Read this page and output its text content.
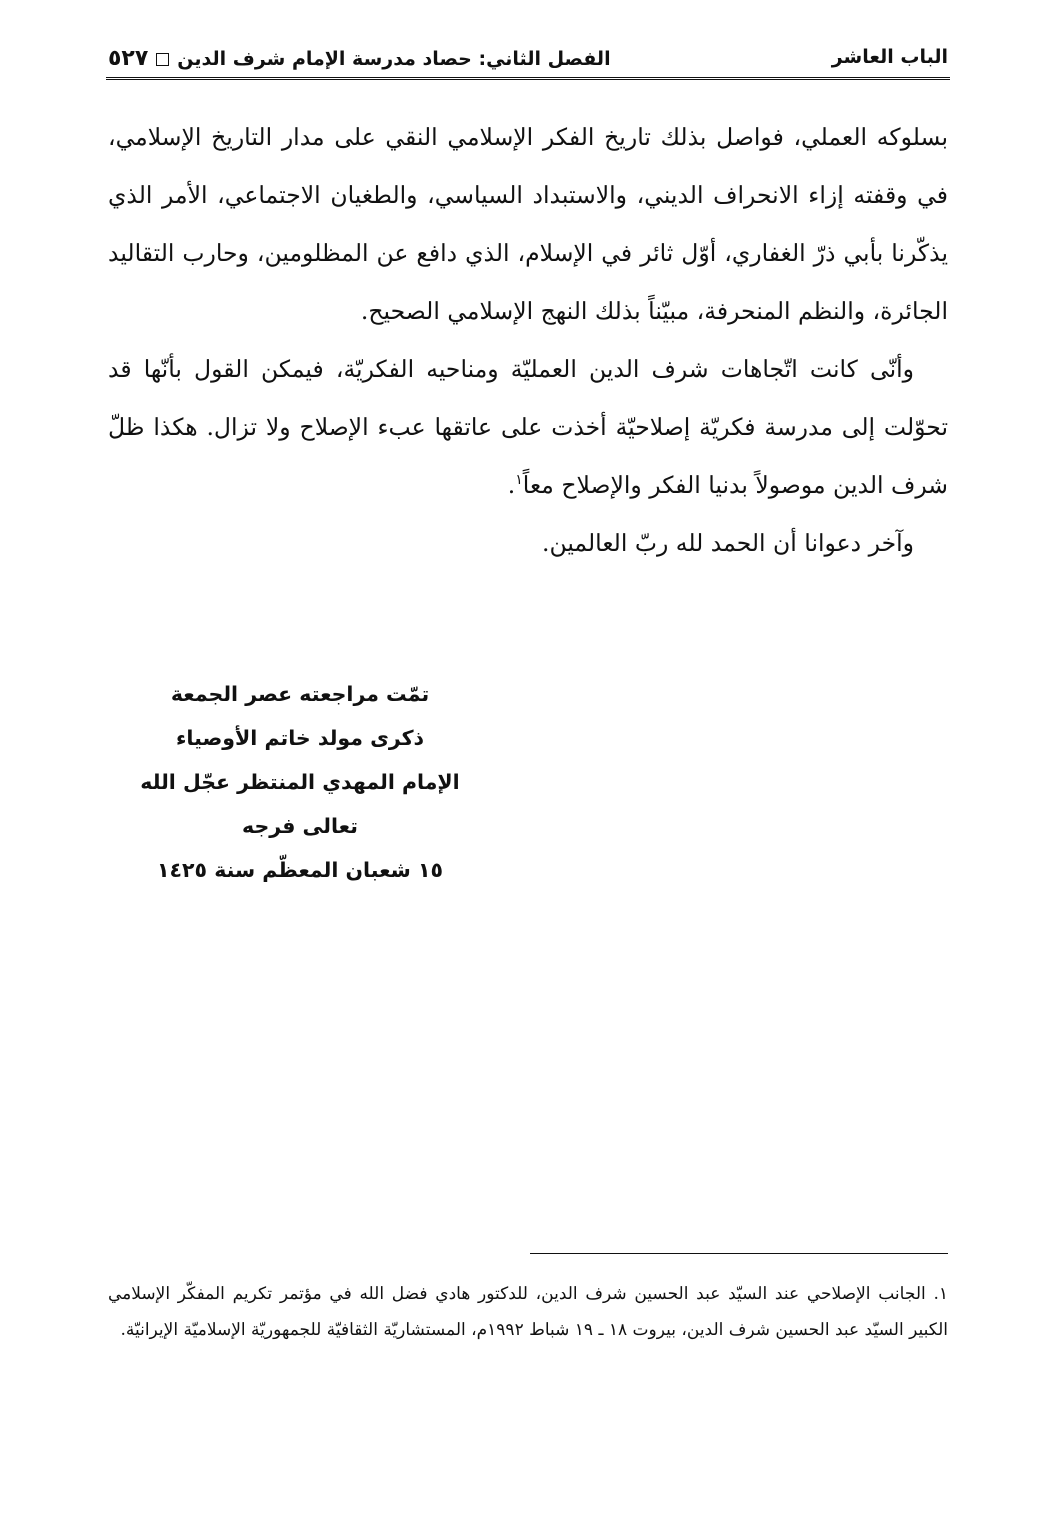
الباب العاشر
الفصل الثاني: حصاد مدرسة الإمام شرف الدين٥٢٧

بسلوكه العملي، فواصل بذلك تاريخ الفكر الإسلامي النقي على مدار التاريخ الإسلامي، في وقفته إزاء الانحراف الديني، والاستبداد السياسي، والطغيان الاجتماعي، الأمر الذي يذكّرنا بأبي ذرّ الغفاري، أوّل ثائر في الإسلام، الذي دافع عن المظلومين، وحارب التقاليد الجائرة، والنظم المنحرفة، مبيّناً بذلك النهج الإسلامي الصحيح.

وأنّى كانت اتّجاهات شرف الدين العمليّة ومناحيه الفكريّة، فيمكن القول بأنّها قد تحوّلت إلى مدرسة فكريّة إصلاحيّة أخذت على عاتقها عبء الإصلاح ولا تزال. هكذا ظلّ شرف الدين موصولاً بدنيا الفكر والإصلاح معاً$^١$.

وآخر دعوانا أن الحمد لله ربّ العالمين.

تمّت مراجعته عصر الجمعة
ذكرى مولد خاتم الأوصياء
الإمام المهدي المنتظر عجّل الله تعالى فرجه
١٥ شعبان المعظّم سنة ١٤٢٥
١. الجانب الإصلاحي عند السيّد عبد الحسين شرف الدين، للدكتور هادي فضل الله في مؤتمر تكريم المفكّر الإسلامي الكبير السيّد عبد الحسين شرف الدين، بيروت ١٨ ـ ١٩ شباط ١٩٩٢م، المستشاريّة الثقافيّة للجمهوريّة الإسلاميّة الإيرانيّة.
